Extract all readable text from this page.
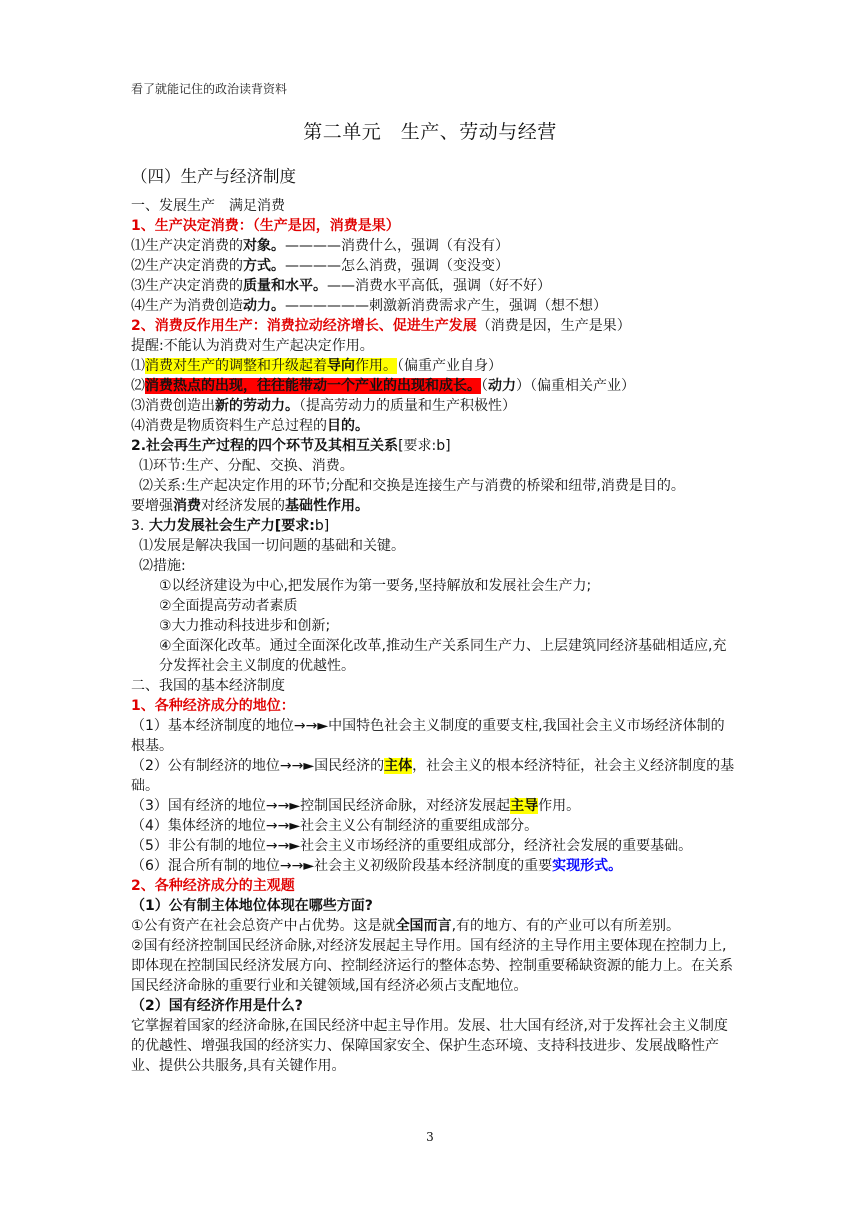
看了就能记住的政治读背资料
第二单元　生产、劳动与经营
（四）生产与经济制度

一、发展生产　满足消费

1、生产决定消费：（生产是因，消费是果）

⑴生产决定消费的对象。————消费什么，强调（有没有）

⑵生产决定消费的方式。————怎么消费，强调（变没变）

⑶生产决定消费的质量和水平。——消费水平高低，强调（好不好）

⑷生产为消费创造动力。——————刺激新消费需求产生，强调（想不想）

2、消费反作用生产：消费拉动经济增长、促进生产发展（消费是因，生产是果）

提醒:不能认为消费对生产起决定作用。

⑴消费对生产的调整和升级起着导向作用。（偏重产业自身）

⑵消费热点的出现，往往能带动一个产业的出现和成长。（动力）（偏重相关产业）

⑶消费创造出新的劳动力。（提高劳动力的质量和生产积极性）

⑷消费是物质资料生产总过程的目的。

2.社会再生产过程的四个环节及其相互关系[要求:b]

⑴环节:生产、分配、交换、消费。

⑵关系:生产起决定作用的环节;分配和交换是连接生产与消费的桥梁和纽带,消费是目的。

要增强消费对经济发展的基础性作用。

3. 大力发展社会生产力[要求:b]

⑴发展是解决我国一切问题的基础和关键。

⑵措施:

①以经济建设为中心,把发展作为第一要务,坚持解放和发展社会生产力;

②全面提高劳动者素质

③大力推动科技进步和创新;

④全面深化改革。通过全面深化改革,推动生产关系同生产力、上层建筑同经济基础相适应,充分发挥社会主义制度的优越性。

二、我国的基本经济制度

1、各种经济成分的地位：

（1）基本经济制度的地位→→►中国特色社会主义制度的重要支柱,我国社会主义市场经济体制的根基。

（2）公有制经济的地位→→►国民经济的主体，社会主义的根本经济特征，社会主义经济制度的基础。

（3）国有经济的地位→→►控制国民经济命脉，对经济发展起主导作用。

（4）集体经济的地位→→►社会主义公有制经济的重要组成部分。

（5）非公有制的地位→→►社会主义市场经济的重要组成部分，经济社会发展的重要基础。

（6）混合所有制的地位→→►社会主义初级阶段基本经济制度的重要实现形式。

2、各种经济成分的主观题

（1）公有制主体地位体现在哪些方面?

①公有资产在社会总资产中占优势。这是就全国而言,有的地方、有的产业可以有所差别。

②国有经济控制国民经济命脉,对经济发展起主导作用。国有经济的主导作用主要体现在控制力上,即体现在控制国民经济发展方向、控制经济运行的整体态势、控制重要稀缺资源的能力上。在关系国民经济命脉的重要行业和关键领域,国有经济必须占支配地位。

（2）国有经济作用是什么?

它掌握着国家的经济命脉,在国民经济中起主导作用。发展、壮大国有经济,对于发挥社会主义制度的优越性、增强我国的经济实力、保障国家安全、保护生态环境、支持科技进步、发展战略性产业、提供公共服务,具有关键作用。

3
